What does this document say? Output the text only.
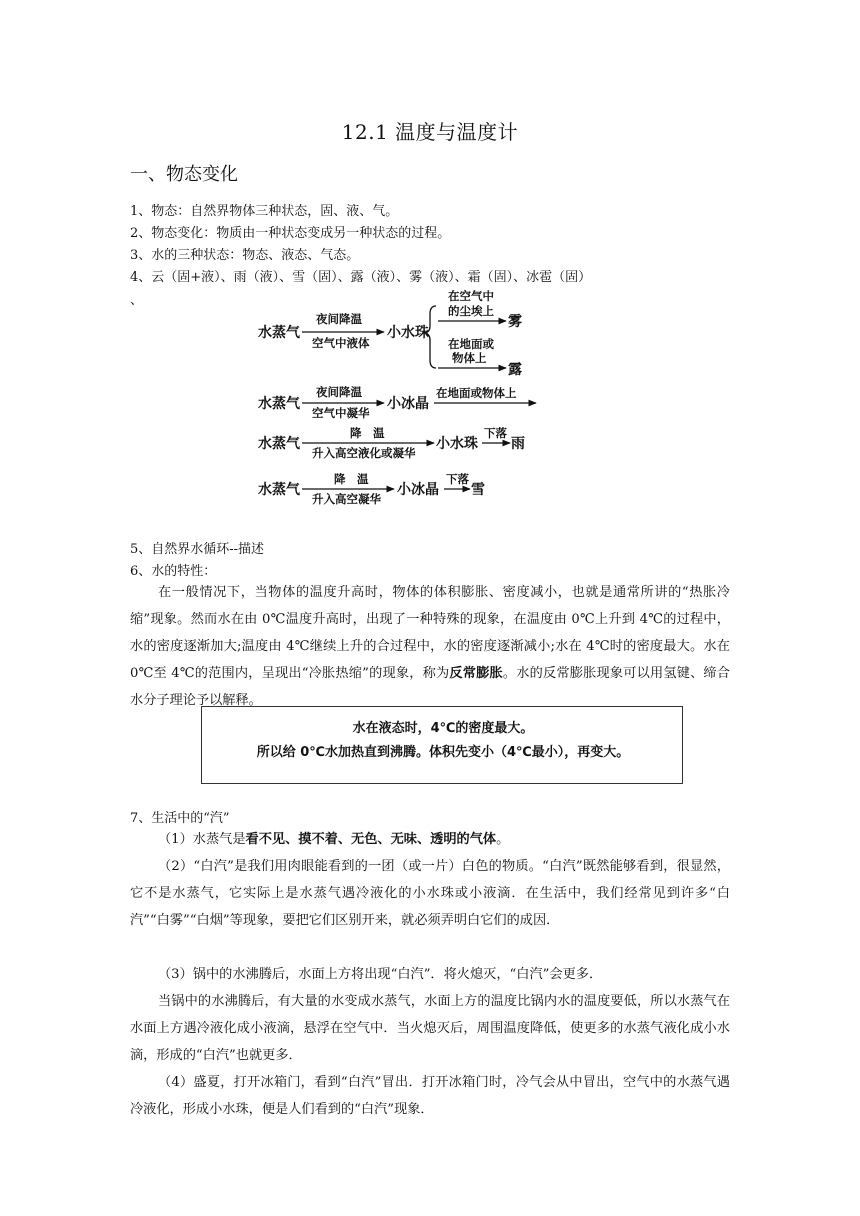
12.1 温度与温度计
一、物态变化
1、物态：自然界物体三种状态，固、液、气。
2、物态变化：物质由一种状态变成另一种状态的过程。
3、水的三种状态：物态、液态、气态。
4、云（固+液）、雨（液）、雪（固）、露（液）、雾（液）、霜（固）、冰雹（固）
、
水蒸气
夜间降温
空气中液体
小水珠
在空气中
的尘埃上
雾
在地面或
物体上
露
水蒸气
夜间降温
空气中凝华
小冰晶
在地面或物体上
水蒸气
降　温
升入高空液化或凝华
小水珠
下落
雨
水蒸气
降　温
升入高空凝华
小冰晶
下落
雪
5、自然界水循环--描述
6、水的特性：
在一般情况下，当物体的温度升高时，物体的体积膨胀、密度减小，也就是通常所讲的“热胀冷缩”现象。然而水在由 0℃温度升高时，出现了一种特殊的现象，在温度由 0℃上升到 4℃的过程中，水的密度逐渐加大;温度由 4℃继续上升的合过程中，水的密度逐渐减小;水在 4℃时的密度最大。水在 0℃至 4℃的范围内，呈现出“冷胀热缩”的现象，称为反常膨胀。水的反常膨胀现象可以用氢键、缔合水分子理论予以解释。
水在液态时，4℃的密度最大。
所以给 0℃水加热直到沸腾。体积先变小（4℃最小），再变大。
7、生活中的“汽”
（1）水蒸气是看不见、摸不着、无色、无味、透明的气体。
（2）“白汽”是我们用肉眼能看到的一团（或一片）白色的物质。“白汽”既然能够看到，很显然，它不是水蒸气，它实际上是水蒸气遇冷液化的小水珠或小液滴．在生活中，我们经常见到许多“白汽”“白雾”“白烟”等现象，要把它们区别开来，就必须弄明白它们的成因．
（3）锅中的水沸腾后，水面上方将出现“白汽”．将火熄灭，“白汽”会更多．
当锅中的水沸腾后，有大量的水变成水蒸气，水面上方的温度比锅内水的温度要低，所以水蒸气在水面上方遇冷液化成小液滴，悬浮在空气中．当火熄灭后，周围温度降低，使更多的水蒸气液化成小水滴，形成的“白汽”也就更多．
（4）盛夏，打开冰箱门，看到“白汽”冒出．打开冰箱门时，冷气会从中冒出，空气中的水蒸气遇冷液化，形成小水珠，便是人们看到的“白汽”现象．
